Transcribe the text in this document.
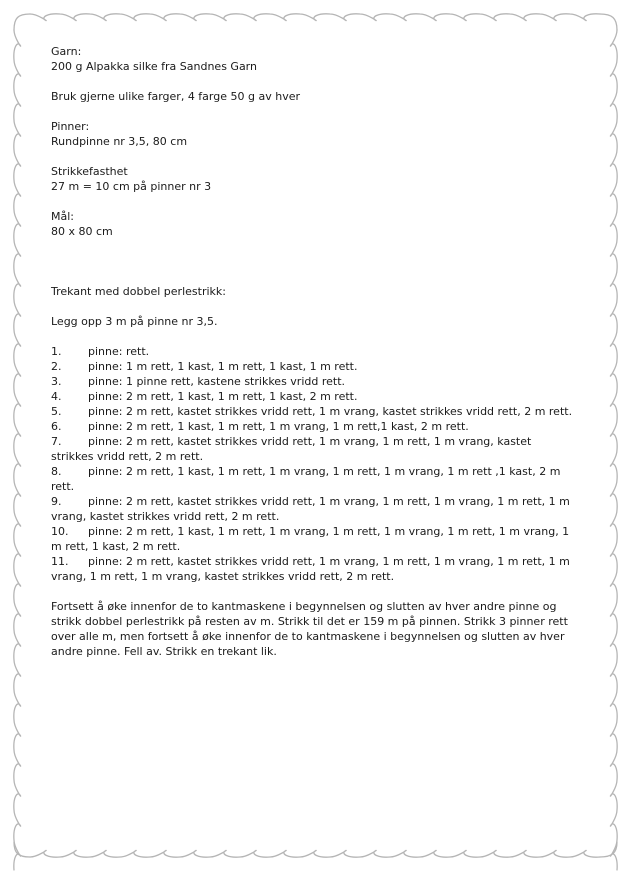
Garn:

200 g Alpakka silke fra Sandnes Garn

Bruk gjerne ulike farger, 4 farge 50 g av hver

Pinner:

Rundpinne nr 3,5, 80 cm

Strikkefasthet

27 m = 10 cm på pinner nr 3

Mål:

80 x 80 cm

Trekant med dobbel perlestrikk:

Legg opp 3 m på pinne nr 3,5.

1. pinne: rett.

2. pinne: 1 m rett, 1 kast, 1 m rett, 1 kast, 1 m rett.

3. pinne: 1 pinne rett, kastene strikkes vridd rett.

4. pinne: 2 m rett, 1 kast, 1 m rett, 1 kast, 2 m rett.

5. pinne: 2 m rett, kastet strikkes vridd rett, 1 m vrang, kastet strikkes vridd rett, 2 m rett.

6. pinne: 2 m rett, 1 kast, 1 m rett, 1 m vrang, 1 m rett,1 kast, 2 m rett.

7. pinne: 2 m rett, kastet strikkes vridd rett, 1 m vrang, 1 m rett, 1 m vrang, kastet strikkes vridd rett, 2 m rett.

8. pinne: 2 m rett, 1 kast, 1 m rett, 1 m vrang, 1 m rett, 1 m vrang, 1 m rett ,1 kast, 2 m rett.

9. pinne: 2 m rett, kastet strikkes vridd rett, 1 m vrang, 1 m rett, 1 m vrang, 1 m rett, 1 m vrang, kastet strikkes vridd rett, 2 m rett.

10. pinne: 2 m rett, 1 kast, 1 m rett, 1 m vrang, 1 m rett, 1 m vrang, 1 m rett, 1 m vrang, 1 m rett, 1 kast, 2 m rett.

11. pinne: 2 m rett, kastet strikkes vridd rett, 1 m vrang, 1 m rett, 1 m vrang, 1 m rett, 1 m vrang, 1 m rett, 1 m vrang, kastet strikkes vridd rett, 2 m rett.

Fortsett å øke innenfor de to kantmaskene i begynnelsen og slutten av hver andre pinne og strikk dobbel perlestrikk på resten av m. Strikk til det er 159 m på pinnen. Strikk 3 pinner rett over alle m, men fortsett å øke innenfor de to kantmaskene i begynnelsen og slutten av hver andre pinne. Fell av. Strikk en trekant lik.
